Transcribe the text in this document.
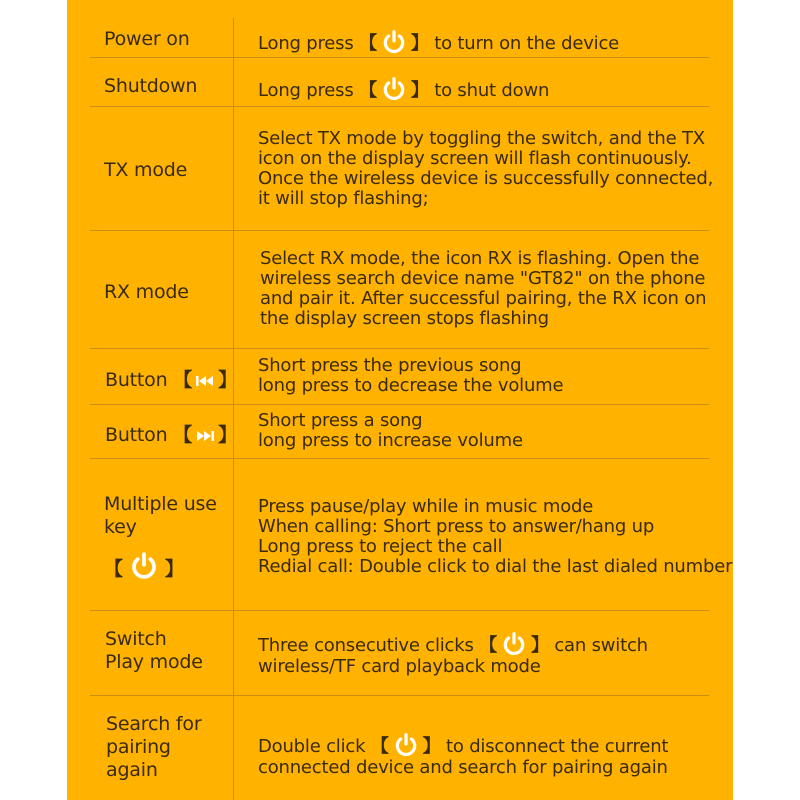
Power on	Long press 【 】 to turn on the device
Shutdown	Long press 【 】 to shut down
TX mode
Select TX mode by toggling the switch, and the TX
icon on the display screen will flash continuously.
Once the wireless device is successfully connected,
it will stop flashing;
RX mode
Select RX mode, the icon RX is flashing. Open the
wireless search device name "GT82" on the phone
and pair it. After successful pairing, the RX icon on
the display screen stops flashing
Button 【 】
Short press the previous song
long press to decrease the volume
Button 【 】
Short press a song
long press to increase volume
Multiple use
key
【 】
Press pause/play while in music mode
When calling: Short press to answer/hang up
Long press to reject the call
Redial call: Double click to dial the last dialed number
Switch
Play mode
Three consecutive clicks 【 】 can switch
wireless/TF card playback mode
Search for
pairing
again
Double click 【 】 to disconnect the current
connected device and search for pairing again
